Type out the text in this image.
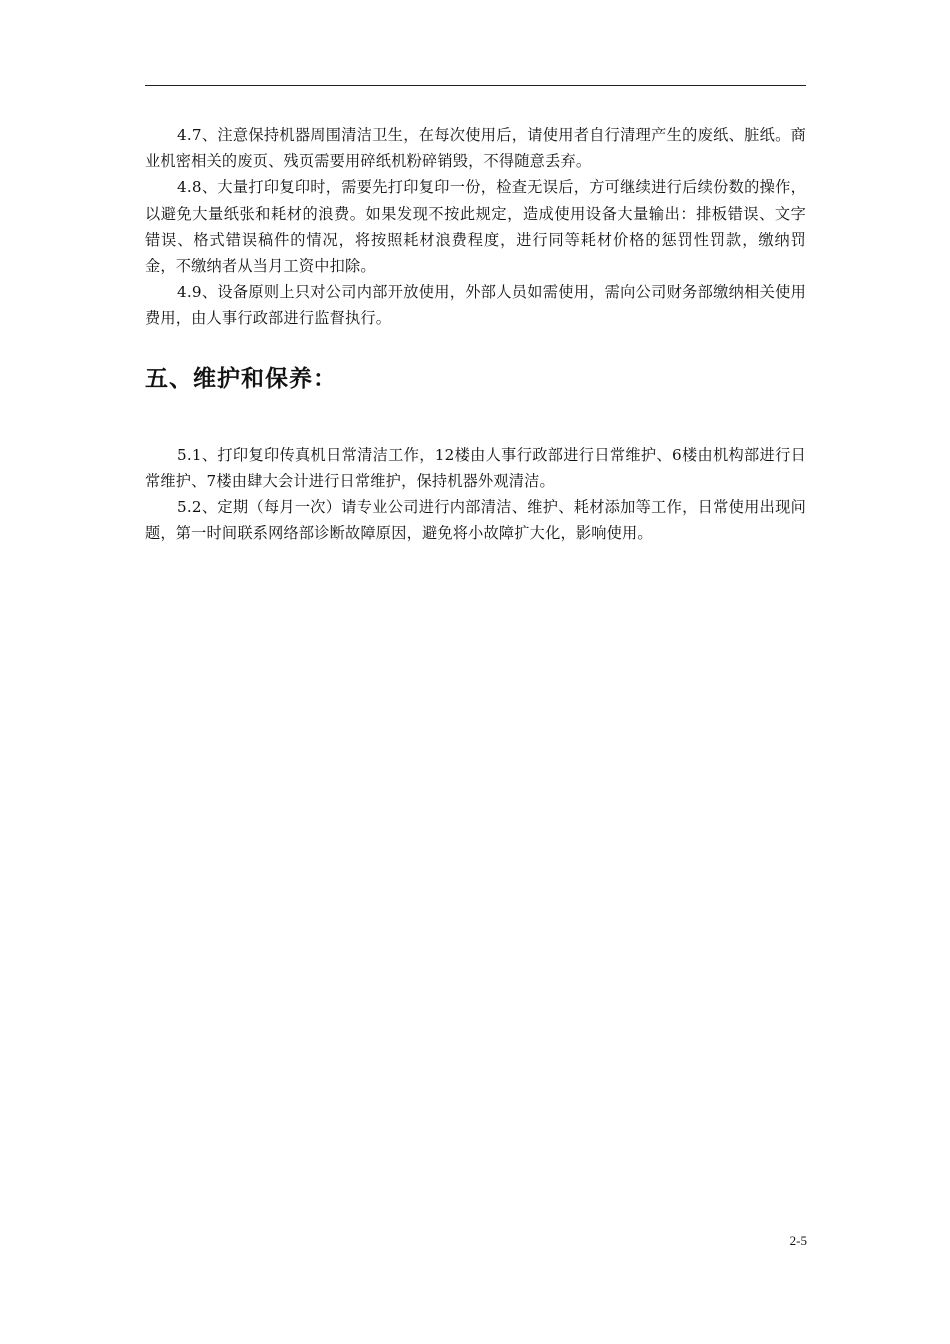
4.7、注意保持机器周围清洁卫生，在每次使用后，请使用者自行清理产生的废纸、脏纸。商业机密相关的废页、残页需要用碎纸机粉碎销毁，不得随意丢弃。

4.8、大量打印复印时，需要先打印复印一份，检查无误后，方可继续进行后续份数的操作，以避免大量纸张和耗材的浪费。如果发现不按此规定，造成使用设备大量输出：排板错误、文字错误、格式错误稿件的情况，将按照耗材浪费程度，进行同等耗材价格的惩罚性罚款，缴纳罚金，不缴纳者从当月工资中扣除。

4.9、设备原则上只对公司内部开放使用，外部人员如需使用，需向公司财务部缴纳相关使用费用，由人事行政部进行监督执行。

五、维护和保养：

5.1、打印复印传真机日常清洁工作，12楼由人事行政部进行日常维护、6楼由机构部进行日常维护、7楼由肆大会计进行日常维护，保持机器外观清洁。

5.2、定期（每月一次）请专业公司进行内部清洁、维护、耗材添加等工作，日常使用出现问题，第一时间联系网络部诊断故障原因，避免将小故障扩大化，影响使用。

2-5
